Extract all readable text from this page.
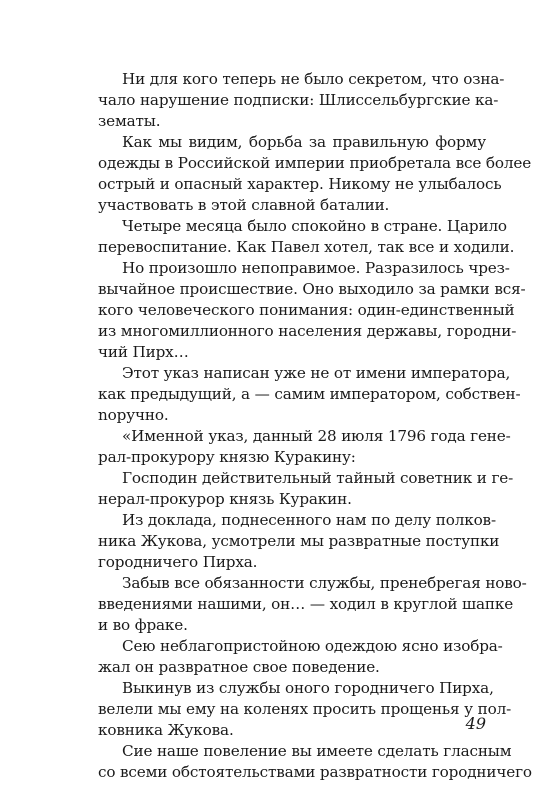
Ни для кого теперь не было секретом, что озна-
чало нарушение подписки: Шлиссельбургские ка-
зематы.
Как мы видим, борьба за правильную форму
одежды в Российской империи приобретала все более
острый и опасный характер. Никому не улыбалось
участвовать в этой славной баталии.
Четыре месяца было спокойно в стране. Царило
перевоспитание. Как Павел хотел, так все и ходили.
Но произошло непоправимое. Разразилось чрез-
вычайное происшествие. Оно выходило за рамки вся-
кого человеческого понимания: один-единственный
из многомиллионного населения державы, городни-
чий Пирх…
Этот указ написан уже не от имени императора,
как предыдущий, а — самим императором, собствен-
noручно.
«Именной указ, данный 28 июля 1796 года гене-
рал-прокурору князю Куракину:
Господин действительный тайный советник и ге-
нерал-прокурор князь Куракин.
Из доклада, поднесенного нам по делу полков-
ника Жукова, усмотрели мы развратные поступки
городничего Пирха.
Забыв все обязанности службы, пренебрегая ново-
введениями нашими, он… — ходил в круглой шапке
и во фраке.
Сею неблагопристойною одеждою ясно изобра-
жал он развратное свое поведение.
Выкинув из службы оного городничего Пирха,
велели мы ему на коленях просить прощенья у пол-
ковника Жукова.
Сие наше повеление вы имеете сделать гласным
со всеми обстоятельствами развратности городничего
49
